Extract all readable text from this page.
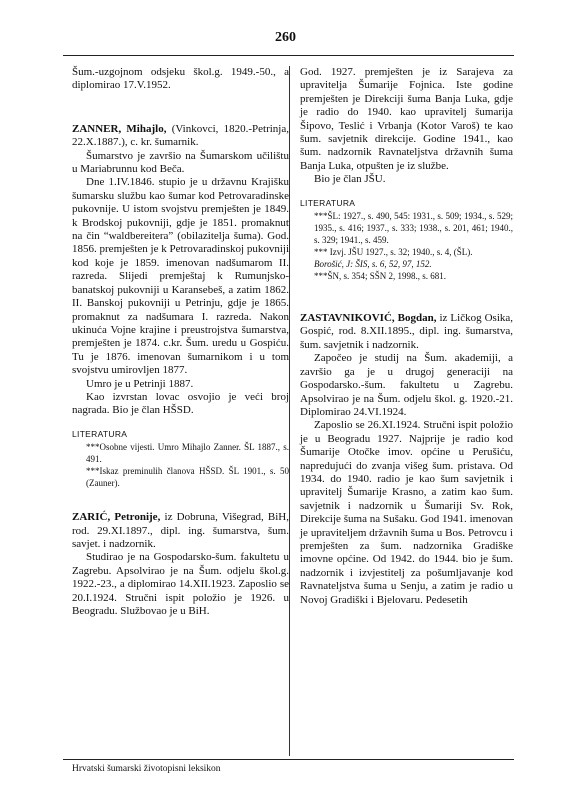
260

Šum.-uzgojnom odsjeku škol.g. 1949.-50., a diplomirao 17.V.1952.

ZANNER, Mihajlo, (Vinkovci, 1820.-Petrinja, 22.X.1887.), c. kr. šumarnik.

Šumarstvo je završio na Šumarskom učilištu u Mariabrunnu kod Beča.

Dne 1.IV.1846. stupio je u državnu Krajišku šumarsku službu kao šumar kod Petrovaradinske pukovnije. U istom svojstvu premješten je 1849. k Brodskoj pukovniji, gdje je 1851. promaknut na čin “waldbereitera” (obilazitelja šuma). God. 1856. premješten je k Petrovaradinskoj pukovniji kod koje je 1859. imenovan nadšumarom II. razreda. Slijedi premještaj k Rumunjsko-banatskoj pukovniji u Karansebeš, a zatim 1862. II. Banskoj pukovniji u Petrinju, gdje je 1865. promaknut za nadšumara I. razreda. Nakon ukinuća Vojne krajine i preustrojstva šumarstva, premješten je 1874. c.kr. Šum. uredu u Gospiću. Tu je 1876. imenovan šumarnikom i u tom svojstvu umirovljen 1877.

Umro je u Petrinji 1887.

Kao izvrstan lovac osvojio je veći broj nagrada. Bio je član HŠSD.

LITERATURA

***Osobne vijesti. Umro Mihajlo Zanner. ŠL 1887., s. 491.

***Iskaz preminulih članova HŠSD. ŠL 1901., s. 50 (Zauner).

ZARIĆ, Petronije, iz Dobruna, Višegrad, BiH, rod. 29.XI.1897., dipl. ing. šumarstva, šum. savjet. i nadzornik.

Studirao je na Gospodarsko-šum. fakultetu u Zagrebu. Apsolvirao je na Šum. odjelu škol.g. 1922.-23., a diplomirao 14.XII.1923. Zaposlio se 20.I.1924. Stručni ispit položio je 1926. u Beogradu. Službovao je u BiH.

God. 1927. premješten je iz Sarajeva za upravitelja Šumarije Fojnica. Iste godine premješten je Direkciji šuma Banja Luka, gdje je radio do 1940. kao upravitelj šumarija Šipovo, Teslić i Vrbanja (Kotor Varoš) te kao šum. savjetnik direkcije. Godine 1941., kao šum. nadzornik Ravnateljstva državnih šuma Banja Luka, otpušten je iz službe.

Bio je član JŠU.

LITERATURA

***ŠL: 1927., s. 490, 545: 1931., s. 509; 1934., s. 529; 1935., s. 416; 1937., s. 333; 1938., s. 201, 461; 1940., s. 329; 1941., s. 459.

*** Izvj. JŠU 1927., s. 32; 1940., s. 4, (ŠL).

Borošić, J: ŠIS, s. 6, 52, 97, 152.

***ŠN, s. 354; SŠN 2, 1998., s. 681.

ZASTAVNIKOVIĆ, Bogdan, iz Ličkog Osika, Gospić, rod. 8.XII.1895., dipl. ing. šumarstva, šum. savjetnik i nadzornik.

Započeo je studij na Šum. akademiji, a završio ga je u drugoj generaciji na Gospodarsko.-šum. fakultetu u Zagrebu. Apsolvirao je na Šum. odjelu škol. g. 1920.-21. Diplomirao 24.VI.1924.

Zaposlio se 26.XI.1924. Stručni ispit položio je u Beogradu 1927. Najprije je radio kod Šumarije Otočke imov. općine u Perušiću, napredujući do zvanja višeg šum. pristava. Od 1934. do 1940. radio je kao šum savjetnik i upravitelj Šumarije Krasno, a zatim kao šum. savjetnik i nadzornik u Šumariji Sv. Rok, Direkcije šuma na Sušaku. God 1941. imenovan je upraviteljem državnih šuma u Bos. Petrovcu i premješten za šum. nadzornika Gradiške imovne općine. Od 1942. do 1944. bio je šum. nadzornik i izvjestitelj za pošumljavanje kod Ravnateljstva šuma u Senju, a zatim je radio u Novoj Gradiški i Bjelovaru. Pedesetih

Hrvatski šumarski životopisni leksikon
